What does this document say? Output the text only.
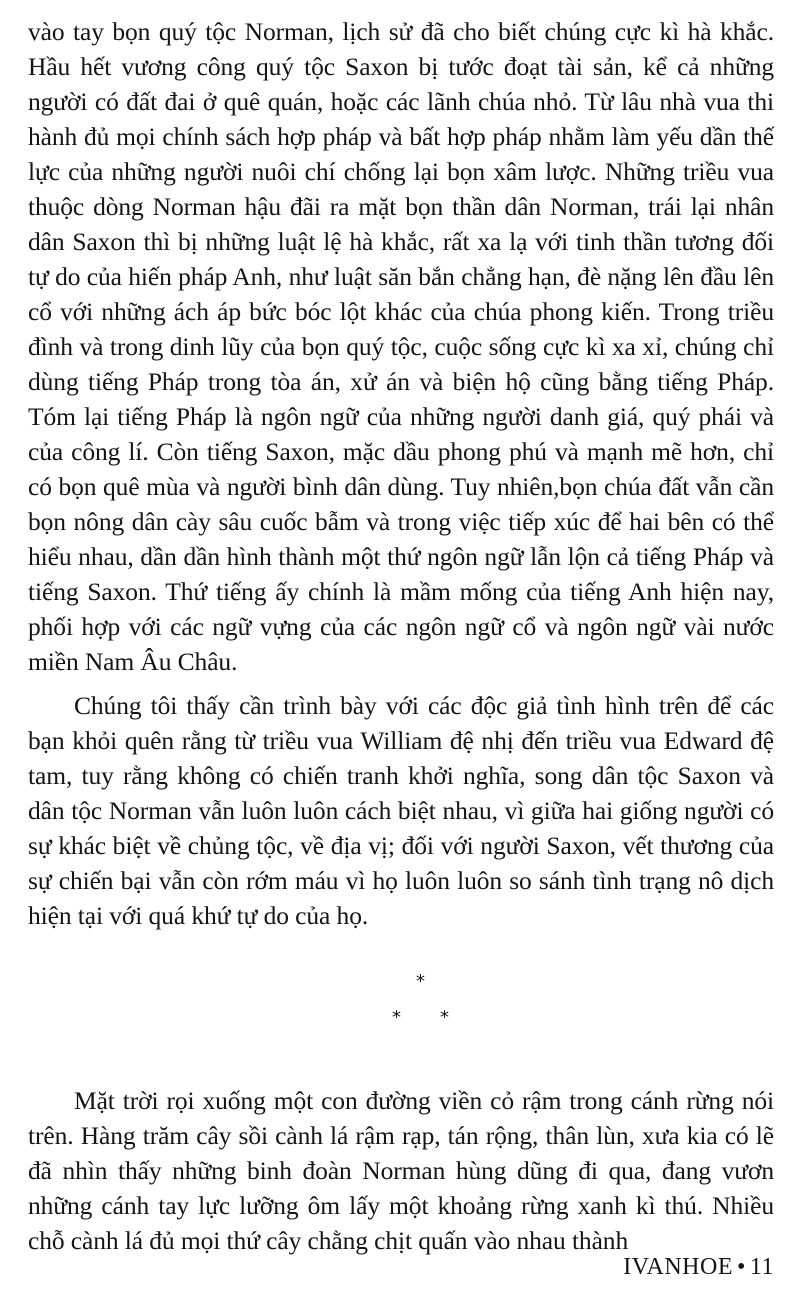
vào tay bọn quý tộc Norman, lịch sử đã cho biết chúng cực kì hà khắc. Hầu hết vương công quý tộc Saxon bị tước đoạt tài sản, kể cả những người có đất đai ở quê quán, hoặc các lãnh chúa nhỏ. Từ lâu nhà vua thi hành đủ mọi chính sách hợp pháp và bất hợp pháp nhằm làm yếu dần thế lực của những người nuôi chí chống lại bọn xâm lược. Những triều vua thuộc dòng Norman hậu đãi ra mặt bọn thần dân Norman, trái lại nhân dân Saxon thì bị những luật lệ hà khắc, rất xa lạ với tinh thần tương đối tự do của hiến pháp Anh, như luật săn bắn chẳng hạn, đè nặng lên đầu lên cổ với những ách áp bức bóc lột khác của chúa phong kiến. Trong triều đình và trong dinh lũy của bọn quý tộc, cuộc sống cực kì xa xỉ, chúng chỉ dùng tiếng Pháp trong tòa án, xử án và biện hộ cũng bằng tiếng Pháp. Tóm lại tiếng Pháp là ngôn ngữ của những người danh giá, quý phái và của công lí. Còn tiếng Saxon, mặc dầu phong phú và mạnh mẽ hơn, chỉ có bọn quê mùa và người bình dân dùng. Tuy nhiên,bọn chúa đất vẫn cần bọn nông dân cày sâu cuốc bẫm và trong việc tiếp xúc để hai bên có thể hiểu nhau, dần dần hình thành một thứ ngôn ngữ lẫn lộn cả tiếng Pháp và tiếng Saxon. Thứ tiếng ấy chính là mầm mống của tiếng Anh hiện nay, phối hợp với các ngữ vựng của các ngôn ngữ cổ và ngôn ngữ vài nước miền Nam Âu Châu.

Chúng tôi thấy cần trình bày với các độc giả tình hình trên để các bạn khỏi quên rằng từ triều vua William đệ nhị đến triều vua Edward đệ tam, tuy rằng không có chiến tranh khởi nghĩa, song dân tộc Saxon và dân tộc Norman vẫn luôn luôn cách biệt nhau, vì giữa hai giống người có sự khác biệt về chủng tộc, về địa vị; đối với người Saxon, vết thương của sự chiến bại vẫn còn rớm máu vì họ luôn luôn so sánh tình trạng nô dịch hiện tại với quá khứ tự do của họ.

*
* *

Mặt trời rọi xuống một con đường viền cỏ rậm trong cánh rừng nói trên. Hàng trăm cây sồi cành lá rậm rạp, tán rộng, thân lùn, xưa kia có lẽ đã nhìn thấy những binh đoàn Norman hùng dũng đi qua, đang vươn những cánh tay lực lưỡng ôm lấy một khoảng rừng xanh kì thú. Nhiều chỗ cành lá đủ mọi thứ cây chằng chịt quấn vào nhau thành

IVANHOE • 11
